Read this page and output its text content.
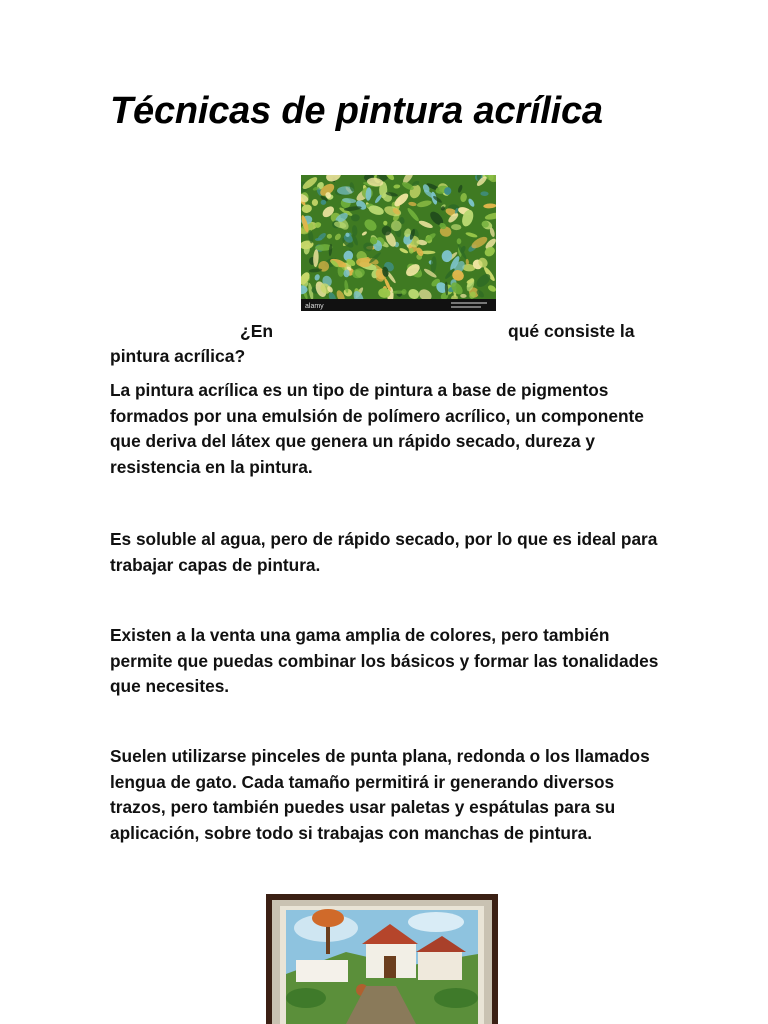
Técnicas de pintura acrílica
alamy
¿En	qué consiste la
pintura acrílica?

La pintura acrílica es un tipo de pintura a base de pigmentos formados por una emulsión de polímero acrílico, un componente que deriva del látex que genera un rápido secado, dureza y resistencia en la pintura.

Es soluble al agua, pero de rápido secado, por lo que es ideal para trabajar capas de pintura.

Existen a la venta una gama amplia de colores, pero también permite que puedas combinar los básicos y formar las tonalidades que necesites.

Suelen utilizarse pinceles de punta plana, redonda o los llamados lengua de gato. Cada tamaño permitirá ir generando diversos trazos, pero también puedes usar paletas y espátulas para su aplicación, sobre todo si trabajas con manchas de pintura.
